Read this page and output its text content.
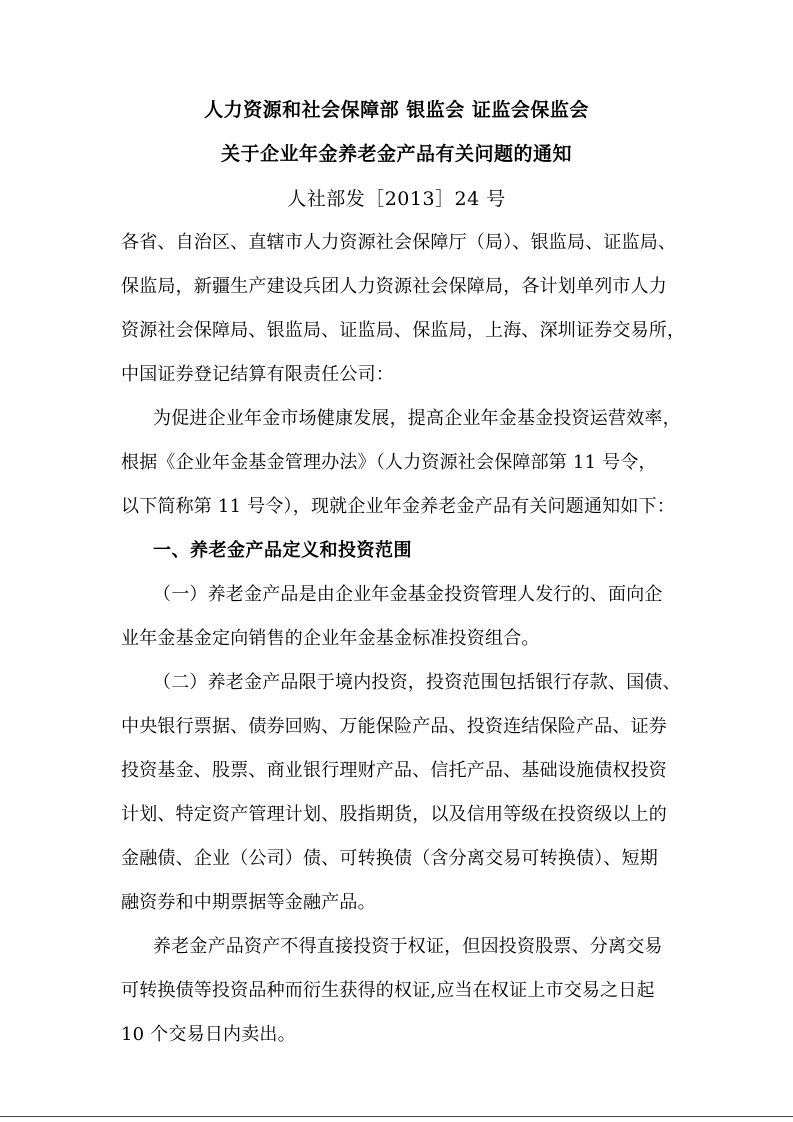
人力资源和社会保障部 银监会 证监会保监会
关于企业年金养老金产品有关问题的通知
人社部发［2013］24 号
各省、自治区、直辖市人力资源社会保障厅（局）、银监局、证监局、
保监局，新疆生产建设兵团人力资源社会保障局，各计划单列市人力
资源社会保障局、银监局、证监局、保监局，上海、深圳证券交易所，
中国证券登记结算有限责任公司：
为促进企业年金市场健康发展，提高企业年金基金投资运营效率，
根据《企业年金基金管理办法》（人力资源社会保障部第 11 号令，
以下简称第 11 号令），现就企业年金养老金产品有关问题通知如下：
一、养老金产品定义和投资范围
（一）养老金产品是由企业年金基金投资管理人发行的、面向企
业年金基金定向销售的企业年金基金标准投资组合。
（二）养老金产品限于境内投资，投资范围包括银行存款、国债、
中央银行票据、债券回购、万能保险产品、投资连结保险产品、证券
投资基金、股票、商业银行理财产品、信托产品、基础设施债权投资
计划、特定资产管理计划、股指期货，以及信用等级在投资级以上的
金融债、企业（公司）债、可转换债（含分离交易可转换债）、短期
融资券和中期票据等金融产品。
养老金产品资产不得直接投资于权证，但因投资股票、分离交易
可转换债等投资品种而衍生获得的权证,应当在权证上市交易之日起
10 个交易日内卖出。
